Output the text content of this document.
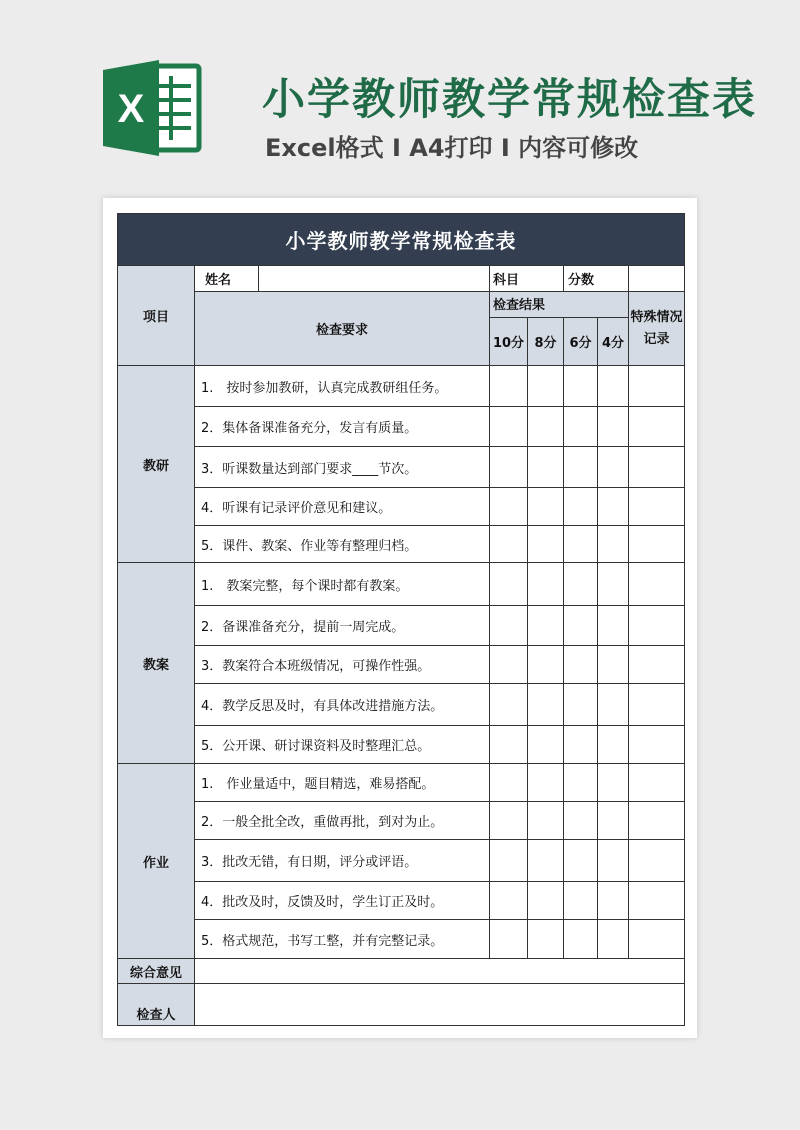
X	小学教师教学常规检查表
Excel格式 I A4打印 I 内容可修改
小学教师教学常规检查表							
项目	姓名		科目		分数		
	检查要求		检查结果				特殊情况记录
			10分	8分	6分	4分	
教研	1.　按时参加教研，认真完成教研组任务。						
	2．集体备课准备充分，发言有质量。						
	3．听课数量达到部门要求____节次。						
	4．听课有记录评价意见和建议。						
	5．课件、教案、作业等有整理归档。						
教案	1.　教案完整，每个课时都有教案。						
	2．备课准备充分，提前一周完成。						
	3．教案符合本班级情况，可操作性强。						
	4．教学反思及时，有具体改进措施方法。						
	5．公开课、研讨课资料及时整理汇总。						
作业	1.　作业量适中，题目精选，难易搭配。						
	2．一般全批全改，重做再批，到对为止。						
	3．批改无错，有日期，评分或评语。						
	4．批改及时，反馈及时，学生订正及时。						
	5．格式规范，书写工整，并有完整记录。						
综合意见							
检查人							
